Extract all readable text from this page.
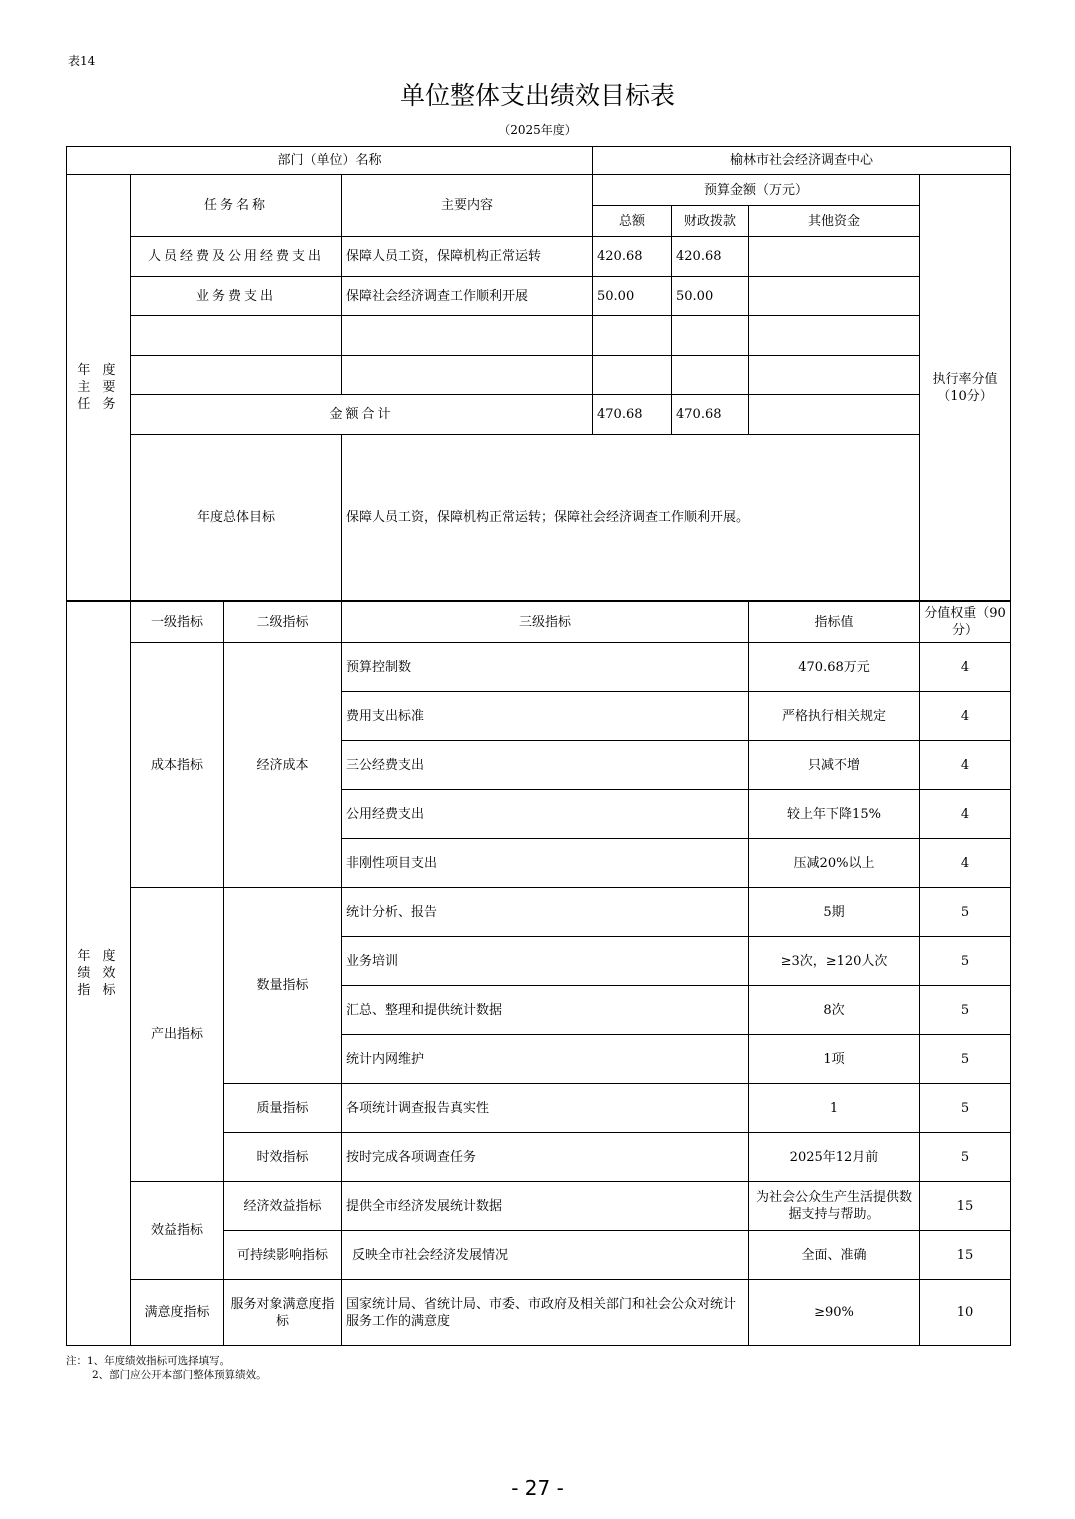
表14
单位整体支出绩效目标表
（2025年度）
部门（单位）名称			榆林市社会经济调查中心			
年 度 主 要 任 务	任务名称	主要内容	预算金额（万元）			执行率分值（10分）
			总额	财政拨款	其他资金	
	人员经费及公用经费支出	保障人员工资，保障机构正常运转	420.68	420.68		
	业务费支出	保障社会经济调查工作顺利开展	50.00	50.00		

	金额合计		470.68	470.68		
	年度总体目标	保障人员工资，保障机构正常运转；保障社会经济调查工作顺利开展。				
年 度 绩 效 指 标	一级指标	二级指标	三级指标	指标值	分值权重（90分）
	成本指标	经济成本	预算控制数	470.68万元	4
			费用支出标准	严格执行相关规定	4
			三公经费支出	只减不增	4
			公用经费支出	较上年下降15%	4
			非刚性项目支出	压减20%以上	4
	产出指标	数量指标	统计分析、报告	5期	5
			业务培训	≥3次，≥120人次	5
			汇总、整理和提供统计数据	8次	5
			统计内网维护	1项	5
		质量指标	各项统计调查报告真实性	1	5
		时效指标	按时完成各项调查任务	2025年12月前	5
	效益指标	经济效益指标	提供全市经济发展统计数据	为社会公众生产生活提供数据支持与帮助。	15
		可持续影响指标	反映全市社会经济发展情况	全面、准确	15
	满意度指标	服务对象满意度指标	国家统计局、省统计局、市委、市政府及相关部门和社会公众对统计服务工作的满意度	≥90%	10
注：1、年度绩效指标可选择填写。
2、部门应公开本部门整体预算绩效。
- 27 -
